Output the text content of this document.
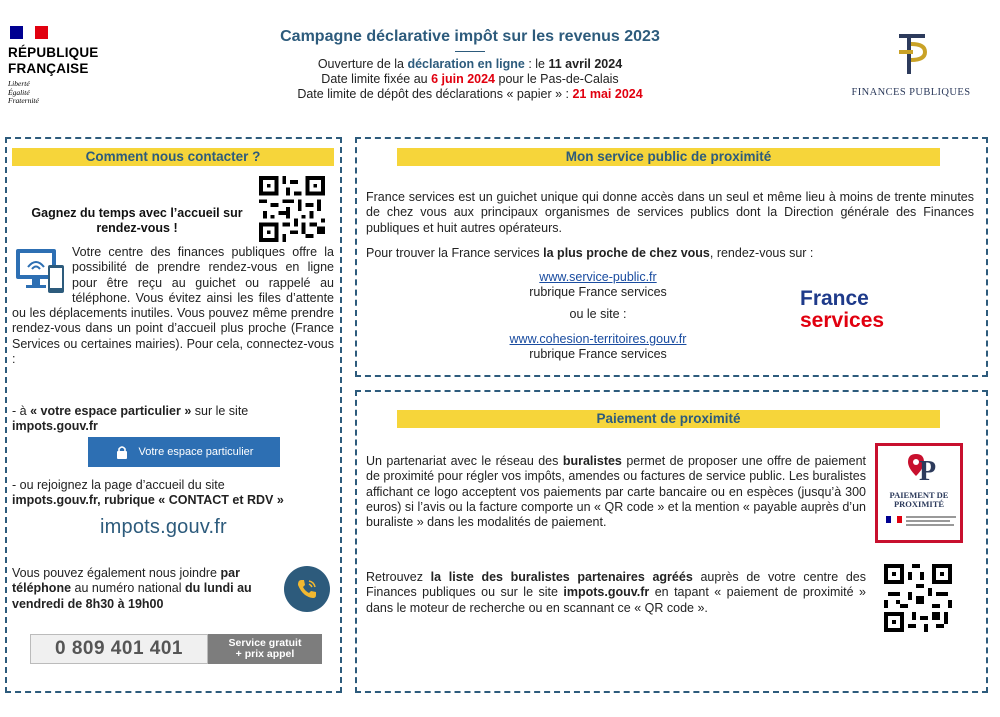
RÉPUBLIQUE
FRANÇAISE
Liberté
Égalité
Fraternité
Campagne déclarative impôt sur les revenus 2023
Ouverture de la déclaration en ligne : le 11 avril 2024
Date limite fixée au 6 juin 2024 pour le Pas-de-Calais
Date limite de dépôt des déclarations « papier » : 21 mai 2024	FINANCES PUBLIQUES
Comment nous contacter ?
Gagnez du temps avec l’accueil sur rendez-vous !
Votre centre des finances publiques offre la possibilité de prendre rendez-vous en ligne pour être reçu au guichet ou rappelé au téléphone. Vous évitez ainsi les files d’attente ou les déplacements inutiles. Vous pouvez même prendre rendez-vous dans un point d’accueil plus proche (France Services ou certaines mairies). Pour cela, connectez-vous :
- à « votre espace particulier » sur le site
impots.gouv.fr
Votre espace particulier
- ou rejoignez la page d’accueil du site
impots.gouv.fr, rubrique « CONTACT et RDV »
impots.gouv.fr
Vous pouvez également nous joindre par téléphone au numéro national du lundi au vendredi de 8h30 à 19h00
0 809 401 401	Service gratuit
+ prix appel
Mon service public de proximité
France services est un guichet unique qui donne accès dans un seul et même lieu à moins de trente minutes de chez vous aux principaux organismes de services publics dont la Direction générale des Finances publiques et huit autres opérateurs.
Pour trouver la France services la plus proche de chez vous, rendez-vous sur :
www.service-public.fr
rubrique France services
ou le site :
www.cohesion-territoires.gouv.fr
rubrique France services
France
services
Paiement de proximité
Un partenariat avec le réseau des buralistes permet de proposer une offre de paiement de proximité pour régler vos impôts, amendes ou factures de service public. Les buralistes affichant ce logo acceptent vos paiements par carte bancaire ou en espèces (jusqu’à 300 euros) si l’avis ou la facture comporte un « QR code » et la mention « payable auprès d’un buraliste » dans les modalités de paiement.
P
PAIEMENT DE
PROXIMITÉ
Retrouvez la liste des buralistes partenaires agréés auprès de votre centre des Finances publiques ou sur le site impots.gouv.fr en tapant « paiement de proximité » dans le moteur de recherche ou en scannant ce « QR code ».
